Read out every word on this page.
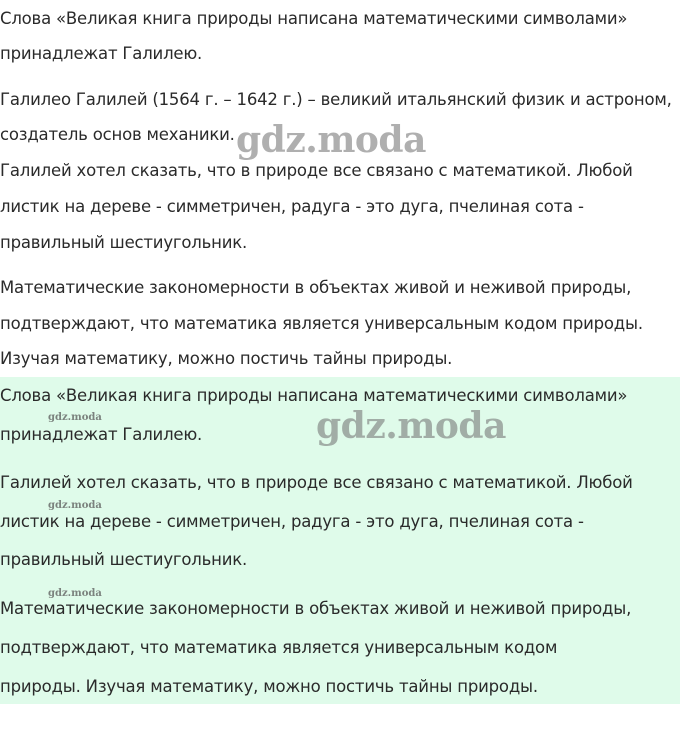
Слова «Великая книга природы написана математическими символами»

принадлежат Галилею.

Галилео Галилей (1564 г. – 1642 г.) – великий итальянский физик и астроном,

создатель основ механики.

Галилей хотел сказать, что в природе все связано с математикой. Любой

листик на дереве - симметричен, радуга - это дуга, пчелиная сота -

правильный шестиугольник.

Математические закономерности в объектах живой и неживой природы,

подтверждают, что математика является универсальным кодом природы.

Изучая математику, можно постичь тайны природы.

gdz.moda

Слова «Великая книга природы написана математическими символами»

принадлежат Галилею.

Галилей хотел сказать, что в природе все связано с математикой. Любой

листик на дереве - симметричен, радуга - это дуга, пчелиная сота -

правильный шестиугольник.

Математические закономерности в объектах живой и неживой природы,

подтверждают, что математика является универсальным кодом

природы. Изучая математику, можно постичь тайны природы.

gdz.moda
gdz.moda
gdz.moda
gdz.moda
